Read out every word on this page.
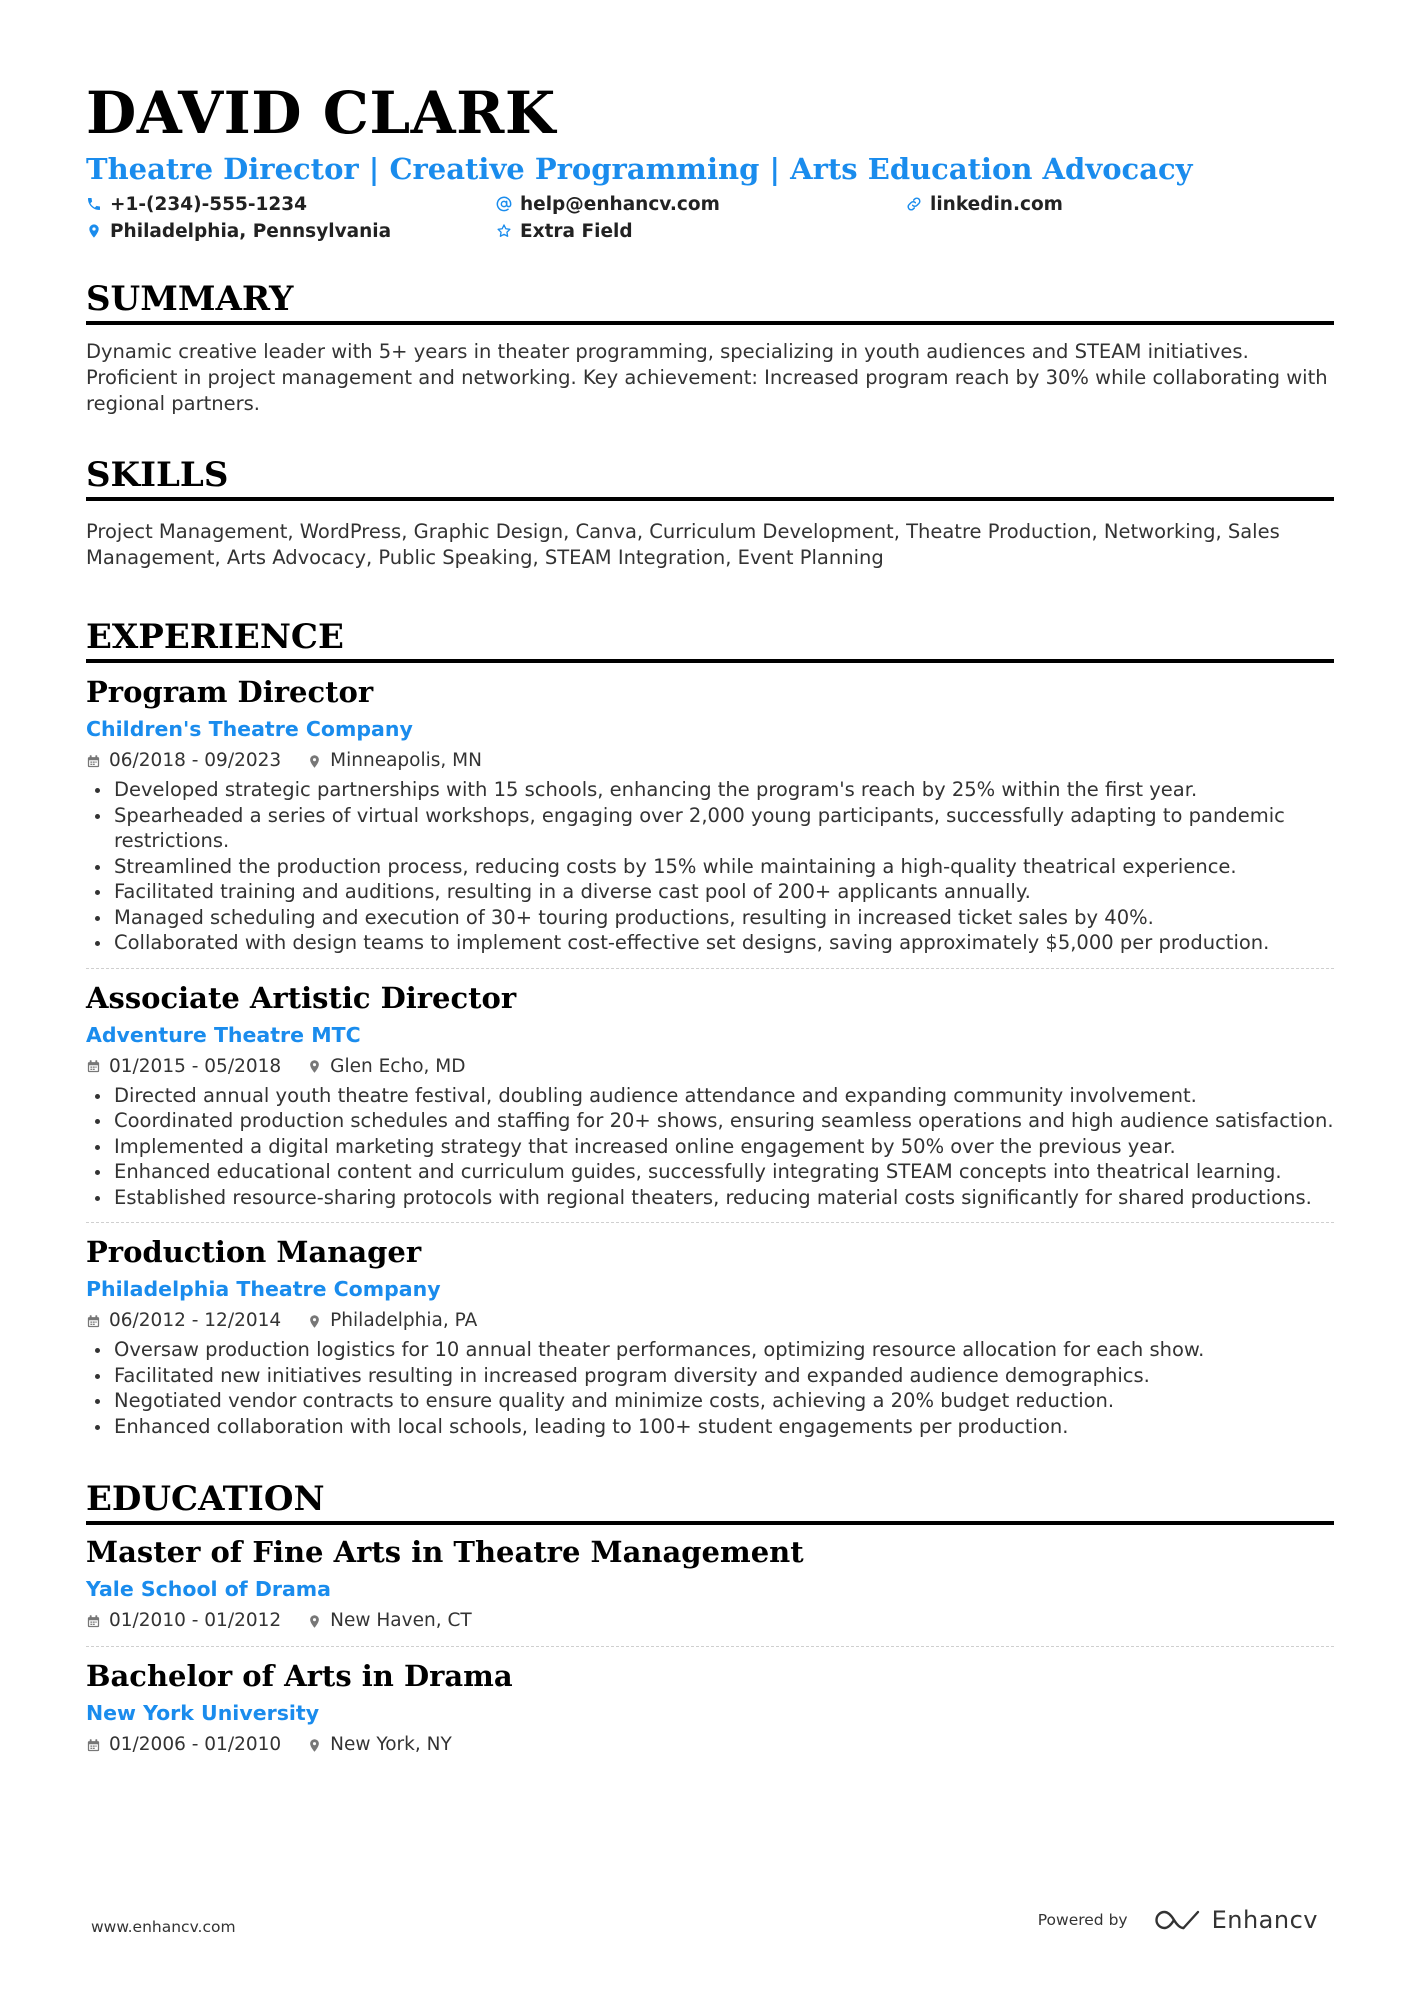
DAVID CLARK
Theatre Director | Creative Programming | Arts Education Advocacy
+1-(234)-555-1234	help@enhancv.com	linkedin.com
Philadelphia, Pennsylvania	Extra Field
SUMMARY

Dynamic creative leader with 5+ years in theater programming, specializing in youth audiences and STEAM initiatives. Proficient in project management and networking. Key achievement: Increased program reach by 30% while collaborating with regional partners.

SKILLS

Project Management, WordPress, Graphic Design, Canva, Curriculum Development, Theatre Production, Networking, Sales Management, Arts Advocacy, Public Speaking, STEAM Integration, Event Planning

EXPERIENCE
Program Director
Children's Theatre Company
06/2018 - 09/2023	Minneapolis, MN
Developed strategic partnerships with 15 schools, enhancing the program's reach by 25% within the first year.
Spearheaded a series of virtual workshops, engaging over 2,000 young participants, successfully adapting to pandemic restrictions.
Streamlined the production process, reducing costs by 15% while maintaining a high-quality theatrical experience.
Facilitated training and auditions, resulting in a diverse cast pool of 200+ applicants annually.
Managed scheduling and execution of 30+ touring productions, resulting in increased ticket sales by 40%.
Collaborated with design teams to implement cost-effective set designs, saving approximately $5,000 per production.
Associate Artistic Director
Adventure Theatre MTC
01/2015 - 05/2018	Glen Echo, MD
Directed annual youth theatre festival, doubling audience attendance and expanding community involvement.
Coordinated production schedules and staffing for 20+ shows, ensuring seamless operations and high audience satisfaction.
Implemented a digital marketing strategy that increased online engagement by 50% over the previous year.
Enhanced educational content and curriculum guides, successfully integrating STEAM concepts into theatrical learning.
Established resource-sharing protocols with regional theaters, reducing material costs significantly for shared productions.
Production Manager
Philadelphia Theatre Company
06/2012 - 12/2014	Philadelphia, PA
Oversaw production logistics for 10 annual theater performances, optimizing resource allocation for each show.
Facilitated new initiatives resulting in increased program diversity and expanded audience demographics.
Negotiated vendor contracts to ensure quality and minimize costs, achieving a 20% budget reduction.
Enhanced collaboration with local schools, leading to 100+ student engagements per production.
EDUCATION
Master of Fine Arts in Theatre Management
Yale School of Drama
01/2010 - 01/2012	New Haven, CT
Bachelor of Arts in Drama
New York University
01/2006 - 01/2010	New York, NY
www.enhancv.com	Powered by	Enhancv
